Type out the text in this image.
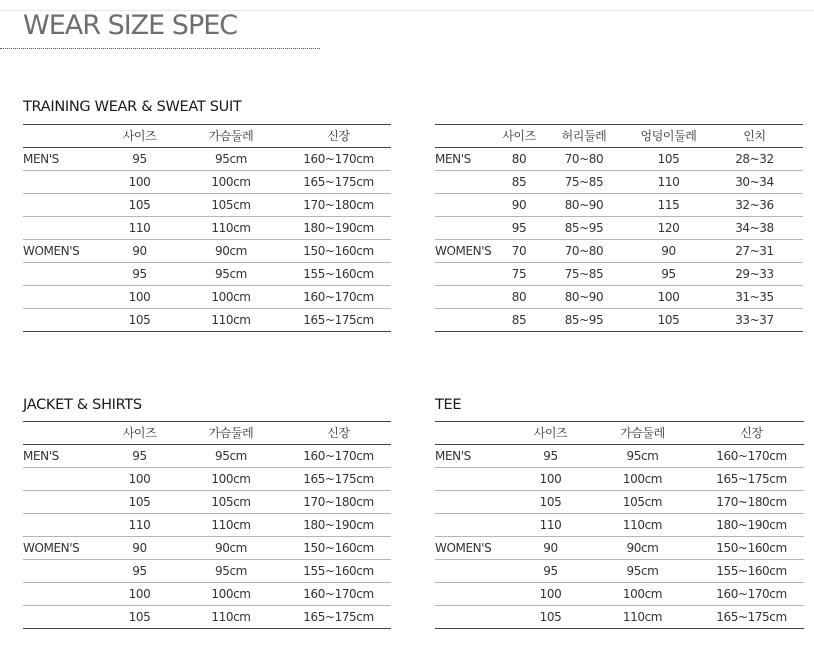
WEAR SIZE SPEC
TRAINING WEAR & SWEAT SUIT
	사이즈	가슴둘레	신장
MEN'S	95	95cm	160~170cm
	100	100cm	165~175cm
	105	105cm	170~180cm
	110	110cm	180~190cm
WOMEN'S	90	90cm	150~160cm
	95	95cm	155~160cm
	100	100cm	160~170cm
	105	110cm	165~175cm
	사이즈	허리둘레	엉덩이둘레	인치
MEN'S	80	70~80	105	28~32
	85	75~85	110	30~34
	90	80~90	115	32~36
	95	85~95	120	34~38
WOMEN'S	70	70~80	90	27~31
	75	75~85	95	29~33
	80	80~90	100	31~35
	85	85~95	105	33~37
JACKET & SHIRTS
	사이즈	가슴둘레	신장
MEN'S	95	95cm	160~170cm
	100	100cm	165~175cm
	105	105cm	170~180cm
	110	110cm	180~190cm
WOMEN'S	90	90cm	150~160cm
	95	95cm	155~160cm
	100	100cm	160~170cm
	105	110cm	165~175cm
TEE
	사이즈	가슴둘레	신장
MEN'S	95	95cm	160~170cm
	100	100cm	165~175cm
	105	105cm	170~180cm
	110	110cm	180~190cm
WOMEN'S	90	90cm	150~160cm
	95	95cm	155~160cm
	100	100cm	160~170cm
	105	110cm	165~175cm
